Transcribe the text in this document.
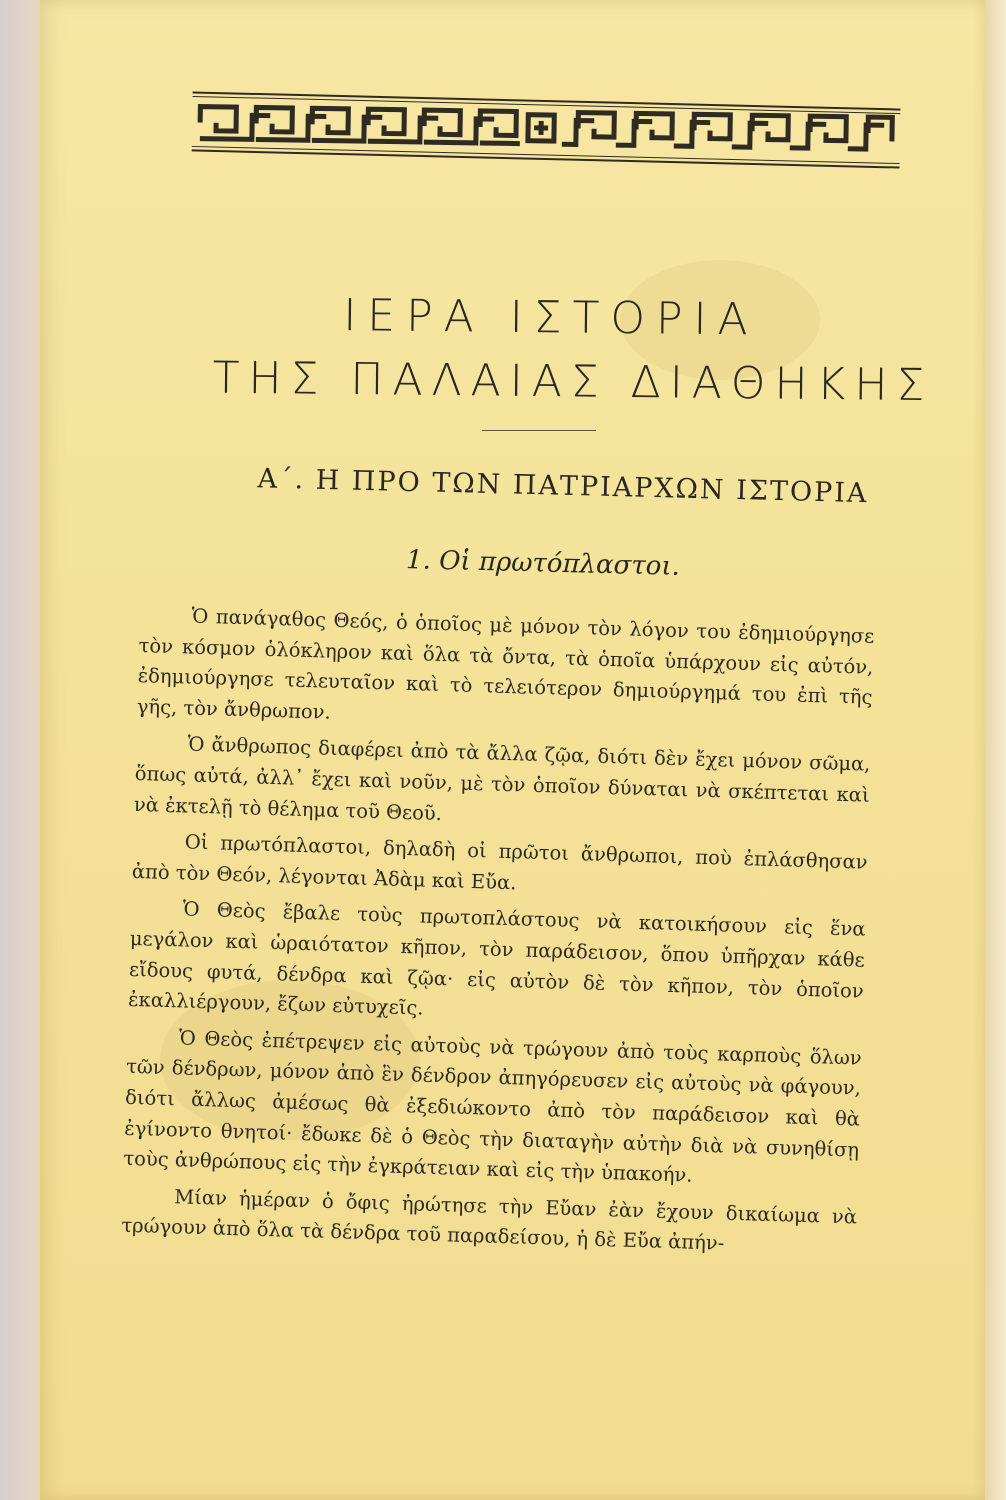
ΙΕΡΑ ΙΣΤΟΡΙΑ
ΤΗΣ ΠΑΛΑΙΑΣ ΔΙΑΘΗΚΗΣ
Α΄. Η ΠΡΟ ΤΩΝ ΠΑΤΡΙΑΡΧΩΝ ΙΣΤΟΡΙΑ
1. Οἱ πρωτόπλαστοι.

Ὁ πανάγαθος Θεός, ὁ ὁποῖος μὲ μόνον τὸν λόγον του ἐδημιούργησε τὸν κόσμον ὁλόκληρον καὶ ὅλα τὰ ὄντα, τὰ ὁποῖα ὑπάρχουν εἰς αὐτόν, ἐδημιούργησε τελευταῖον καὶ τὸ τελειότερον δημιούργημά του ἐπὶ τῆς γῆς, τὸν ἄνθρωπον.

Ὁ ἄνθρωπος διαφέρει ἀπὸ τὰ ἄλλα ζῷα, διότι δὲν ἔχει μόνον σῶμα, ὅπως αὐτά, ἀλλ᾽ ἔχει καὶ νοῦν, μὲ τὸν ὁποῖον δύναται νὰ σκέπτεται καὶ νὰ ἐκτελῇ τὸ θέλημα τοῦ Θεοῦ.

Οἱ πρωτόπλαστοι, δηλαδὴ οἱ πρῶτοι ἄνθρωποι, ποὺ ἐπλάσθησαν ἀπὸ τὸν Θεόν, λέγονται Ἀδὰμ καὶ Εὔα.

Ὁ Θεὸς ἔβαλε τοὺς πρωτοπλάστους νὰ κατοικήσουν εἰς ἕνα μεγάλον καὶ ὡραιότατον κῆπον, τὸν παράδεισον, ὅπου ὑπῆρχαν κάθε εἴδους φυτά, δένδρα καὶ ζῷα· εἰς αὐτὸν δὲ τὸν κῆπον, τὸν ὁποῖον ἐκαλλιέργουν, ἔζων εὐτυχεῖς.

Ὁ Θεὸς ἐπέτρεψεν εἰς αὐτοὺς νὰ τρώγουν ἀπὸ τοὺς καρποὺς ὅλων τῶν δένδρων, μόνον ἀπὸ ἓν δένδρον ἀπηγόρευσεν εἰς αὐτοὺς νὰ φάγουν, διότι ἄλλως ἀμέσως θὰ ἐξεδιώκοντο ἀπὸ τὸν παράδεισον καὶ θὰ ἐγίνοντο θνητοί· ἔδωκε δὲ ὁ Θεὸς τὴν διαταγὴν αὐτὴν διὰ νὰ συνηθίσῃ τοὺς ἀνθρώπους εἰς τὴν ἐγκράτειαν καὶ εἰς τὴν ὑπακοήν.

Μίαν ἡμέραν ὁ ὄφις ἠρώτησε τὴν Εὔαν ἐὰν ἔχουν δικαίωμα νὰ τρώγουν ἀπὸ ὅλα τὰ δένδρα τοῦ παραδείσου, ἡ δὲ Εὔα ἀπήν-
